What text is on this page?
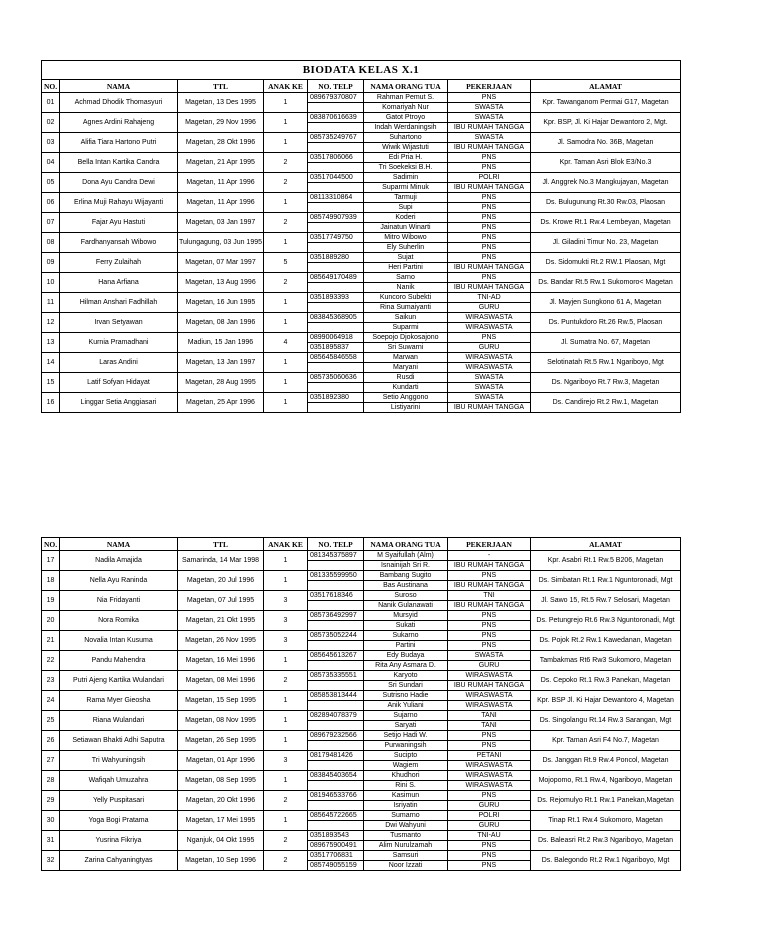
BIODATA KELAS X.1							
NO.	NAMA	TTL	ANAK KE	NO. TELP	NAMA ORANG TUA	PEKERJAAN	ALAMAT
01	Achmad Dhodik Thomasyuri	Magetan, 13 Des 1995	1	089679370807	Rahman Pemut S.	PNS	Kpr. Tawanganom Permai G17, Magetan
					Komariyah Nur	SWASTA	
02	Agnes Ardini Rahajeng	Magetan, 29 Nov 1996	1	083870616639	Gatot Ptroyo	SWASTA	Kpr. BSP, Jl. Ki Hajar Dewantoro 2, Mgt.
					Indah Werdaningsih	IBU RUMAH TANGGA	
03	Alifia Tiara Hartono Putri	Magetan, 28 Okt 1996	1	085735249767	Suhartono	SWASTA	Jl. Samodra No. 36B, Magetan
					Wiwik Wijastuti	IBU RUMAH TANGGA	
04	Bella Intan Kartika Candra	Magetan, 21 Apr 1995	2	03517806066	Edi Pria H.	PNS	Kpr. Taman Asri Blok E3/No.3
					Tri Soekeksi B.H.	PNS	
05	Dona Ayu Candra Dewi	Magetan, 11 Apr 1996	2	03517044500	Sadimin	POLRI	Jl. Anggrek No.3 Mangkujayan, Magetan
					Suparmi Minuk	IBU RUMAH TANGGA	
06	Erlina Muji Rahayu Wijayanti	Magetan, 11 Apr 1996	1	08113310864	Tarmuji	PNS	Ds. Bulugunung Rt.30 Rw.03, Plaosan
					Supi	PNS	
07	Fajar Ayu Hastuti	Magetan, 03 Jan 1997	2	085749907939	Koderi	PNS	Ds. Krowe Rt.1 Rw.4 Lembeyan, Magetan
					Jainatun Winarti	PNS	
08	Fardhanyansah Wibowo	Tulungagung, 03 Jun 1995	1	03517749750	Mitro Wibowo	PNS	Jl. Giladini Timur No. 23, Magetan
					Ely Suherlin	PNS	
09	Ferry Zulaihah	Magetan, 07 Mar 1997	5	0351889280	Sujat	PNS	Ds. Sidomukti Rt.2 RW.1 Plaosan, Mgt
					Heri Partini	IBU RUMAH TANGGA	
10	Hana Arfiana	Magetan, 13 Aug 1996	2	085649170489	Sarno	PNS	Ds. Bandar Rt.5 Rw.1 Sukomoro< Magetan
					Nanik	IBU RUMAH TANGGA	
11	Hilman Anshari Fadhillah	Magetan, 16 Jun 1995	1	0351893393	Kuncoro Subekti	TNI-AD	Jl. Mayjen Sungkono 61 A, Magetan
					Rina Sumaiyanti	GURU	
12	Irvan Setyawan	Magetan, 08 Jan 1996	1	083845368905	Saikun	WIRASWASTA	Ds. Puntukdoro Rt.26 Rw.5, Plaosan
					Suparmi	WIRASWASTA	
13	Kurnia Pramadhani	Madiun, 15 Jan 1996	4	08990064918	Soepojo Djokosajono	PNS	Jl. Sumatra No. 67, Magetan
				0351895837	Sri Suwarni	GURU	
14	Laras Andini	Magetan, 13 Jan 1997	1	085645846558	Marwan	WIRASWASTA	Selotinatah Rt.5 Rw.1 Ngariboyo, Mgt
					Maryani	WIRASWASTA	
15	Latif Sofyan Hidayat	Magetan, 28 Aug 1995	1	085735060636	Rusdi	SWASTA	Ds. Ngariboyo Rt.7 Rw.3, Magetan
					Kundarti	SWASTA	
16	Linggar Setia Anggiasari	Magetan, 25 Apr 1996	1	0351892380	Setio Anggono	SWASTA	Ds. Candirejo Rt.2 Rw.1, Magetan
					Listiyarini	IBU RUMAH TANGGA	
NO.	NAMA	TTL	ANAK KE	NO. TELP	NAMA ORANG TUA	PEKERJAAN	ALAMAT
17	Nadila Amajida	Samarinda, 14 Mar 1998	1	081345375897	M Syaifullah (Alm)	-	Kpr. Asabri Rt.1 Rw.5 B206, Magetan
					Isnainijah Sri R.	IBU RUMAH TANGGA	
18	Nella Ayu Raninda	Magetan, 20 Jul 1996	1	081335599950	Bambang Sugito	PNS	Ds. Simbatan Rt.1 Rw.1 Nguntoronadi, Mgt
					Bas Austinana	IBU RUMAH TANGGA	
19	Nia Fridayanti	Magetan, 07 Jul 1995	3	03517618346	Suroso	TNI	Jl. Sawo 15, Rt.5 Rw.7 Selosari, Magetan
					Nanik Gulanawati	IBU RUMAH TANGGA	
20	Nora Romika	Magetan, 21 Okt 1995	3	085736492997	Mursyid	PNS	Ds. Petungrejo Rt.6 Rw.3 Nguntoronadi, Mgt
					Sukati	PNS	
21	Novalia Intan Kusuma	Magetan, 26 Nov 1995	3	085735052244	Sukarno	PNS	Ds. Pojok Rt.2 Rw.1 Kawedanan, Magetan
					Partini	PNS	
22	Pandu Mahendra	Magetan, 16 Mei 1996	1	085645613267	Edy Budaya	SWASTA	Tambakmas Rt6 Rw3 Sukomoro, Magetan
					Rita Any Asmara D.	GURU	
23	Putri Ajeng Kartika Wulandari	Magetan, 08 Mei 1996	2	085735335551	Karyoto	WIRASWASTA	Ds. Cepoko Rt.1 Rw.3 Panekan, Magetan
					Sri Sundari	IBU RUMAH TANGGA	
24	Rama Myer Gieosha	Magetan, 15 Sep 1995	1	085853813444	Sutrisno Hadie	WIRASWASTA	Kpr. BSP Jl. Ki Hajar Dewantoro 4, Magetan
					Anik Yuliani	WIRASWASTA	
25	Riana Wulandari	Magetan, 08 Nov 1995	1	082894078379	Sujarno	TANI	Ds. Singolangu Rt.14 Rw.3 Sarangan, Mgt
					Saryati	TANI	
26	Setiawan Bhakti Adhi Saputra	Magetan, 26 Sep 1995	1	089679232566	Setijo Hadi W.	PNS	Kpr. Taman Asri F4 No.7, Magetan
					Purwaningsih	PNS	
27	Tri Wahyuningsih	Magetan, 01 Apr 1996	3	08179481426	Sucipto	PETANI	Ds. Janggan Rt.9 Rw.4 Poncol, Magetan
					Wagiem	WIRASWASTA	
28	Wafiqah Umuzahra	Magetan, 08 Sep 1995	1	083845403654	Khudhori	WIRASWASTA	Mojopomo, Rt.1 Rw.4, Ngariboyo, Magetan
					Rini S.	WIRASWASTA	
29	Yelly Puspitasari	Magetan, 20 Okt 1996	2	081946533766	Kasimun	PNS	Ds. Rejomulyo Rt.1 Rw.1 Panekan,Magetan
					Isriyatin	GURU	
30	Yoga Bogi Pratama	Magetan, 17 Mei 1995	1	085645722665	Sumarno	POLRI	Tinap Rt.1 Rw.4 Sukomoro, Magetan
					Dwi Wahyuni	GURU	
31	Yusrina Fikriya	Nganjuk, 04 Okt 1995	2	0351893543	Tusmanto	TNI-AU	Ds. Baleasri Rt.2 Rw.3 Ngariboyo, Magetan
				089675900491	Alim Nurulzamah	PNS	
32	Zarina Cahyaningtyas	Magetan, 10 Sep 1996	2	03517706831	Samsuri	PNS	Ds. Balegondo Rt.2 Rw.1 Ngariboyo, Mgt
				085749055159	Noor Izzati	PNS	
